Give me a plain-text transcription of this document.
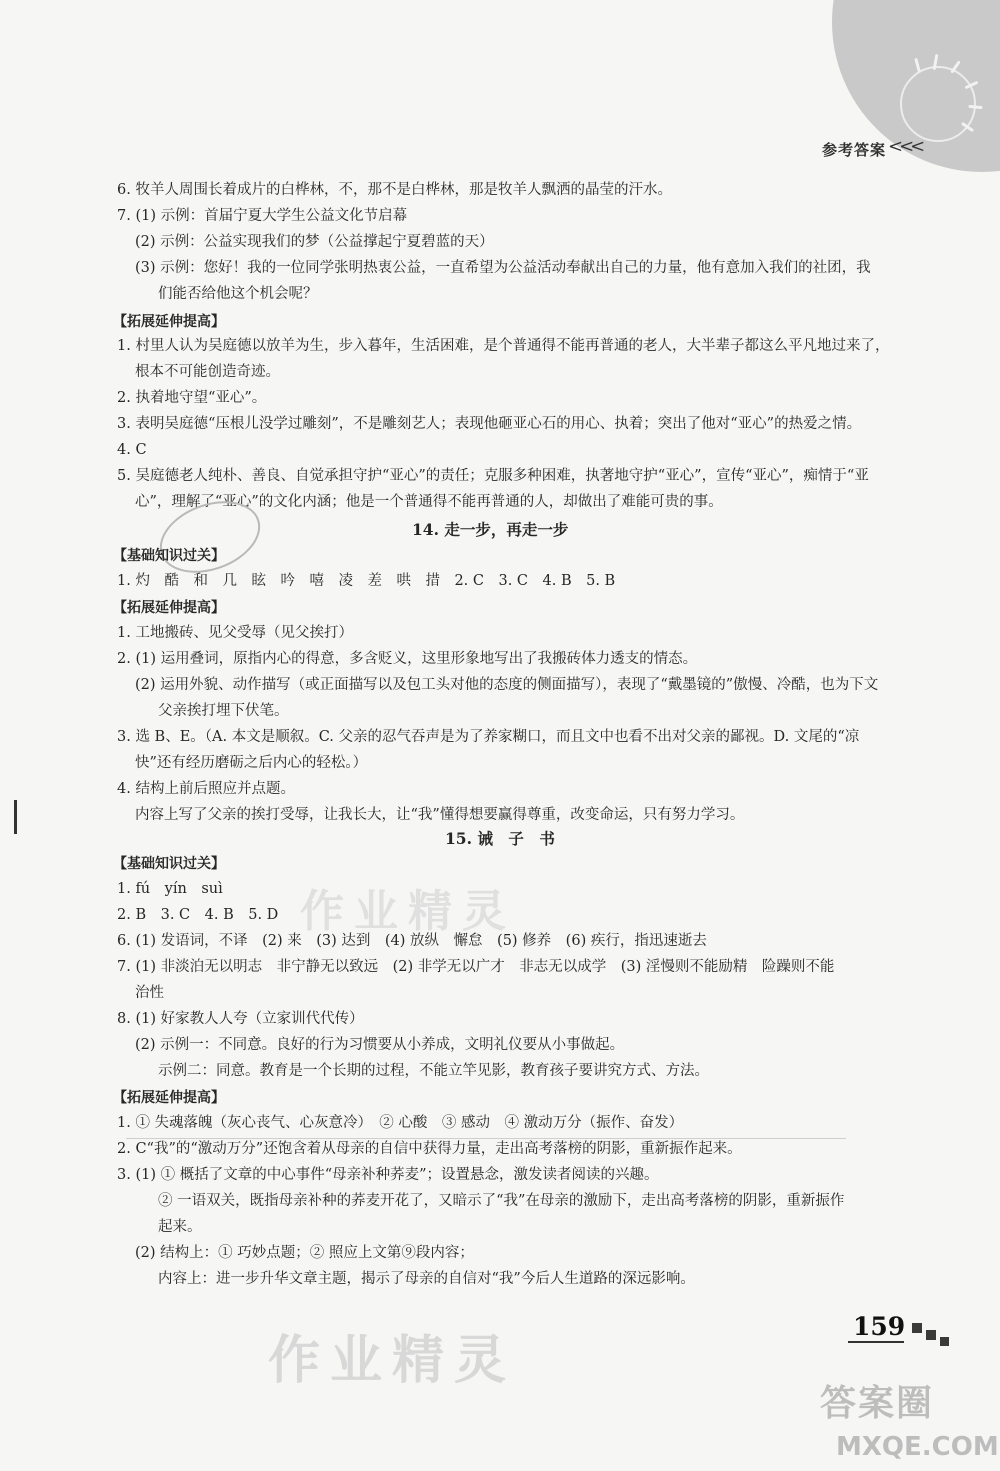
参考答案 <<<
6. 牧羊人周围长着成片的白桦林，不，那不是白桦林，那是牧羊人飘洒的晶莹的汗水。
7. (1) 示例：首届宁夏大学生公益文化节启幕
(2) 示例：公益实现我们的梦（公益撑起宁夏碧蓝的天）
(3) 示例：您好！我的一位同学张明热衷公益，一直希望为公益活动奉献出自己的力量，他有意加入我们的社团，我
们能否给他这个机会呢？
【拓展延伸提高】
1. 村里人认为吴庭德以放羊为生，步入暮年，生活困难，是个普通得不能再普通的老人，大半辈子都这么平凡地过来了，
根本不可能创造奇迹。
2. 执着地守望“亚心”。
3. 表明吴庭德“压根儿没学过雕刻”，不是雕刻艺人；表现他砸亚心石的用心、执着；突出了他对“亚心”的热爱之情。
4. C
5. 吴庭德老人纯朴、善良、自觉承担守护“亚心”的责任；克服多种困难，执著地守护“亚心”，宣传“亚心”，痴情于“亚
心”，理解了“亚心”的文化内涵；他是一个普通得不能再普通的人，却做出了难能可贵的事。
14. 走一步，再走一步
【基础知识过关】
1. 灼　酷　和　几　眩　吟　嘻　凌　差　哄　措　2. C　3. C　4. B　5. B
【拓展延伸提高】
1. 工地搬砖、见父受辱（见父挨打）
2. (1) 运用叠词，原指内心的得意，多含贬义，这里形象地写出了我搬砖体力透支的情态。
(2) 运用外貌、动作描写（或正面描写以及包工头对他的态度的侧面描写），表现了“戴墨镜的”傲慢、冷酷，也为下文
父亲挨打埋下伏笔。
3. 选 B、E。（A. 本文是顺叙。C. 父亲的忍气吞声是为了养家糊口，而且文中也看不出对父亲的鄙视。D. 文尾的“凉
快”还有经历磨砺之后内心的轻松。）
4. 结构上前后照应并点题。
内容上写了父亲的挨打受辱，让我长大，让“我”懂得想要赢得尊重，改变命运，只有努力学习。
15. 诫　子　书
【基础知识过关】
1. fú　yín　suì
2. B　3. C　4. B　5. D
6. (1) 发语词，不译　(2) 来　(3) 达到　(4) 放纵　懈怠　(5) 修养　(6) 疾行，指迅速逝去
7. (1) 非淡泊无以明志　非宁静无以致远　(2) 非学无以广才　非志无以成学　(3) 淫慢则不能励精　险躁则不能
治性
8. (1) 好家教人人夸（立家训代代传）
(2) 示例一：不同意。良好的行为习惯要从小养成，文明礼仪要从小事做起。
示例二：同意。教育是一个长期的过程，不能立竿见影，教育孩子要讲究方式、方法。
【拓展延伸提高】
1. ① 失魂落魄（灰心丧气、心灰意冷）　② 心酸　③ 感动　④ 激动万分（振作、奋发）
2. C“我”的“激动万分”还饱含着从母亲的自信中获得力量，走出高考落榜的阴影，重新振作起来。
3. (1) ① 概括了文章的中心事件“母亲补种荞麦”；设置悬念，激发读者阅读的兴趣。
② 一语双关，既指母亲补种的荞麦开花了，又暗示了“我”在母亲的激励下，走出高考落榜的阴影，重新振作
起来。
(2) 结构上：① 巧妙点题；② 照应上文第⑨段内容；
内容上：进一步升华文章主题，揭示了母亲的自信对“我”今后人生道路的深远影响。
作业精灵
作业精灵
答案圈
MXQE.COM
159
